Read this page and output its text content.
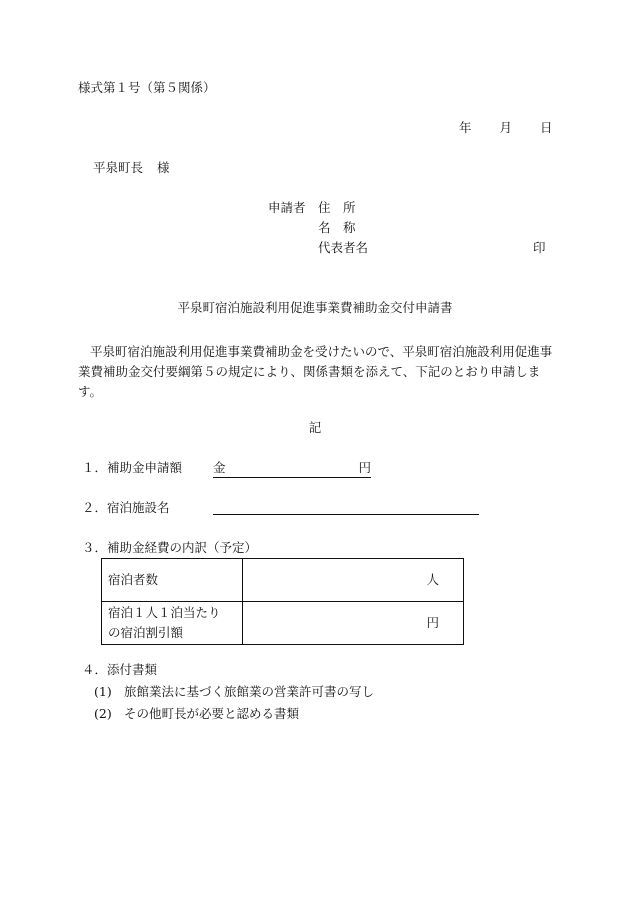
様式第１号（第５関係）
年 月 日
平泉町長 様
申請者 住　所
名　称
代表者名	印
平泉町宿泊施設利用促進事業費補助金交付申請書
平泉町宿泊施設利用促進事業費補助金を受けたいので、平泉町宿泊施設利用促進事業費補助金交付要綱第５の規定により、関係書類を添えて、下記のとおり申請します。
記
１．補助金申請額 金	円
２．宿泊施設名
３．補助金経費の内訳（予定）
宿泊者数	人

宿泊１人１泊当たり
の宿泊割引額	円
４．添付書類
(1) 旅館業法に基づく旅館業の営業許可書の写し
(2) その他町長が必要と認める書類
